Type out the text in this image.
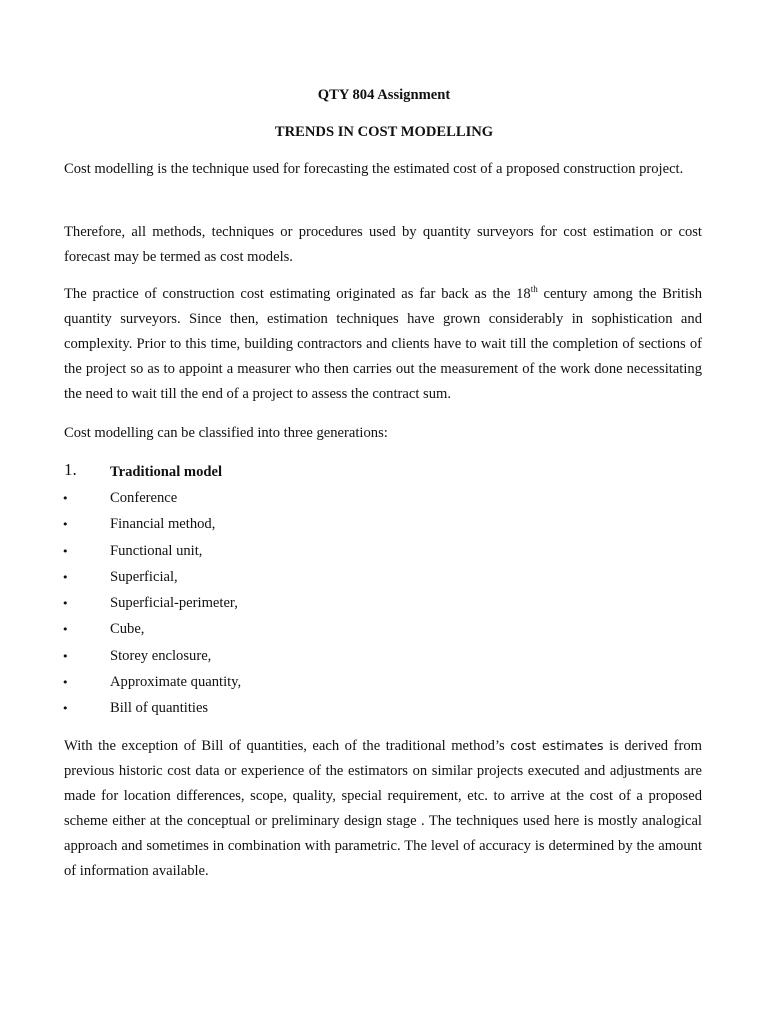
QTY 804 Assignment
TRENDS IN COST MODELLING

Cost modelling is the technique used for forecasting the estimated cost of a proposed construction project.

Therefore, all methods, techniques or procedures used by quantity surveyors for cost estimation or cost forecast may be termed as cost models.

The practice of construction cost estimating originated as far back as the 18th century among the British quantity surveyors. Since then, estimation techniques have grown considerably in sophistication and complexity. Prior to this time, building contractors and clients have to wait till the completion of sections of the project so as to appoint a measurer who then carries out the measurement of the work done necessitating the need to wait till the end of a project to assess the contract sum.

Cost modelling can be classified into three generations:

1. Traditional model
•	Conference
•	Financial method,
•	Functional unit,
•	Superficial,
•	Superficial-perimeter,
•	Cube,
•	Storey enclosure,
•	Approximate quantity,
•	Bill of quantities

With the exception of Bill of quantities, each of the traditional method’s cost estimates is derived from previous historic cost data or experience of the estimators on similar projects executed and adjustments are made for location differences, scope, quality, special requirement, etc. to arrive at the cost of a proposed scheme either at the conceptual or preliminary design stage . The techniques used here is mostly analogical approach and sometimes in combination with parametric. The level of accuracy is determined by the amount of information available.
